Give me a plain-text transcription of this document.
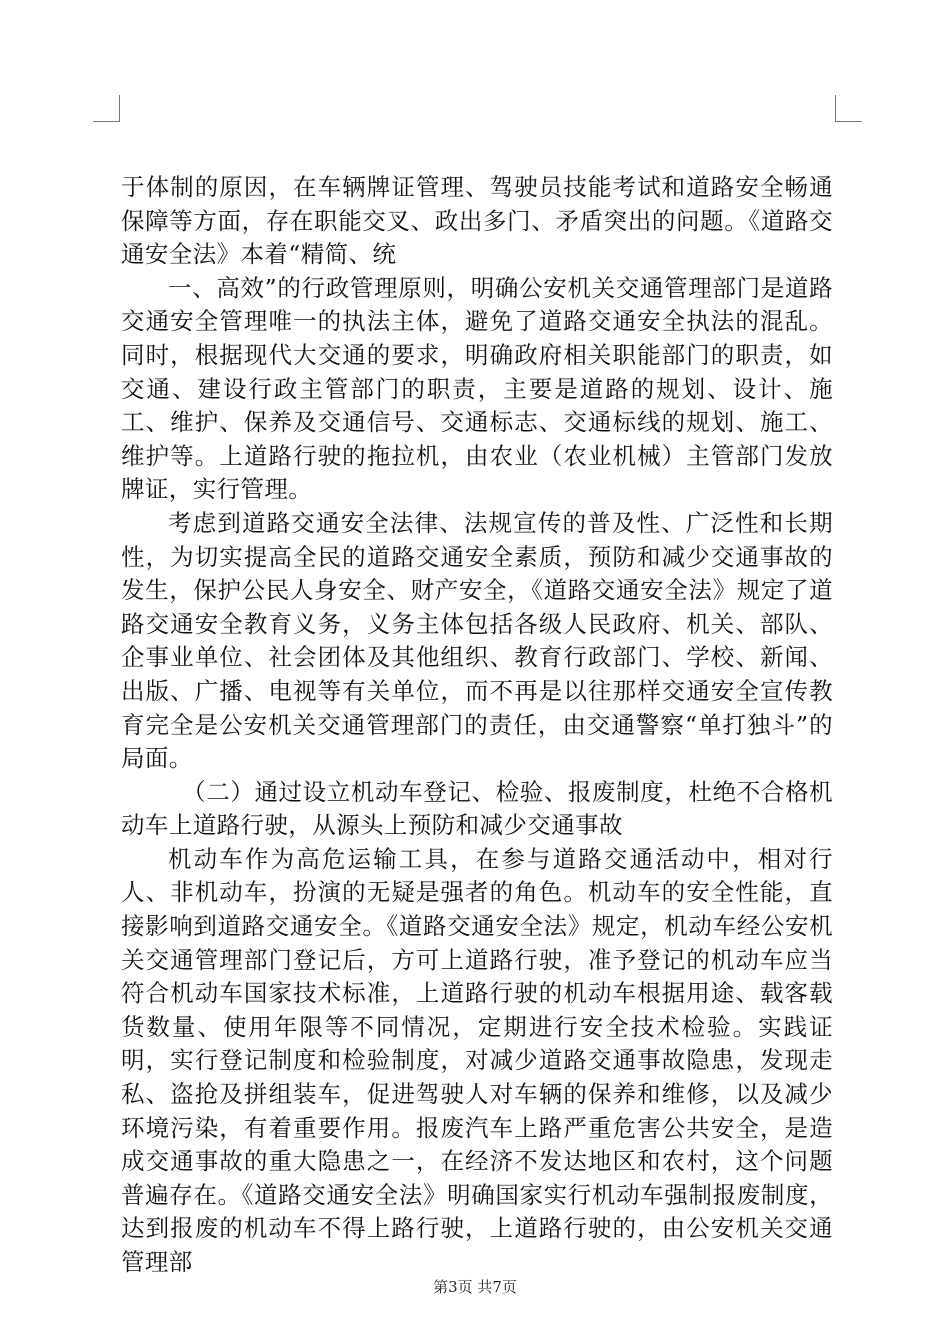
于体制的原因，在车辆牌证管理、驾驶员技能考试和道路安全畅通保障等方面，存在职能交叉、政出多门、矛盾突出的问题。《道路交通安全法》本着“精简、统

一、高效”的行政管理原则，明确公安机关交通管理部门是道路交通安全管理唯一的执法主体，避免了道路交通安全执法的混乱。同时，根据现代大交通的要求，明确政府相关职能部门的职责，如交通、建设行政主管部门的职责，主要是道路的规划、设计、施工、维护、保养及交通信号、交通标志、交通标线的规划、施工、维护等。上道路行驶的拖拉机，由农业（农业机械）主管部门发放牌证，实行管理。

考虑到道路交通安全法律、法规宣传的普及性、广泛性和长期性，为切实提高全民的道路交通安全素质，预防和减少交通事故的发生，保护公民人身安全、财产安全，《道路交通安全法》规定了道路交通安全教育义务，义务主体包括各级人民政府、机关、部队、企事业单位、社会团体及其他组织、教育行政部门、学校、新闻、出版、广播、电视等有关单位，而不再是以往那样交通安全宣传教育完全是公安机关交通管理部门的责任，由交通警察“单打独斗”的局面。

（二）通过设立机动车登记、检验、报废制度，杜绝不合格机动车上道路行驶，从源头上预防和减少交通事故

机动车作为高危运输工具，在参与道路交通活动中，相对行人、非机动车，扮演的无疑是强者的角色。机动车的安全性能，直接影响到道路交通安全。《道路交通安全法》规定，机动车经公安机关交通管理部门登记后，方可上道路行驶，准予登记的机动车应当符合机动车国家技术标准，上道路行驶的机动车根据用途、载客载货数量、使用年限等不同情况，定期进行安全技术检验。实践证明，实行登记制度和检验制度，对减少道路交通事故隐患，发现走私、盗抢及拼组装车，促进驾驶人对车辆的保养和维修，以及减少环境污染，有着重要作用。报废汽车上路严重危害公共安全，是造成交通事故的重大隐患之一，在经济不发达地区和农村，这个问题普遍存在。《道路交通安全法》明确国家实行机动车强制报废制度，达到报废的机动车不得上路行驶，上道路行驶的，由公安机关交通管理部

第3页 共7页
